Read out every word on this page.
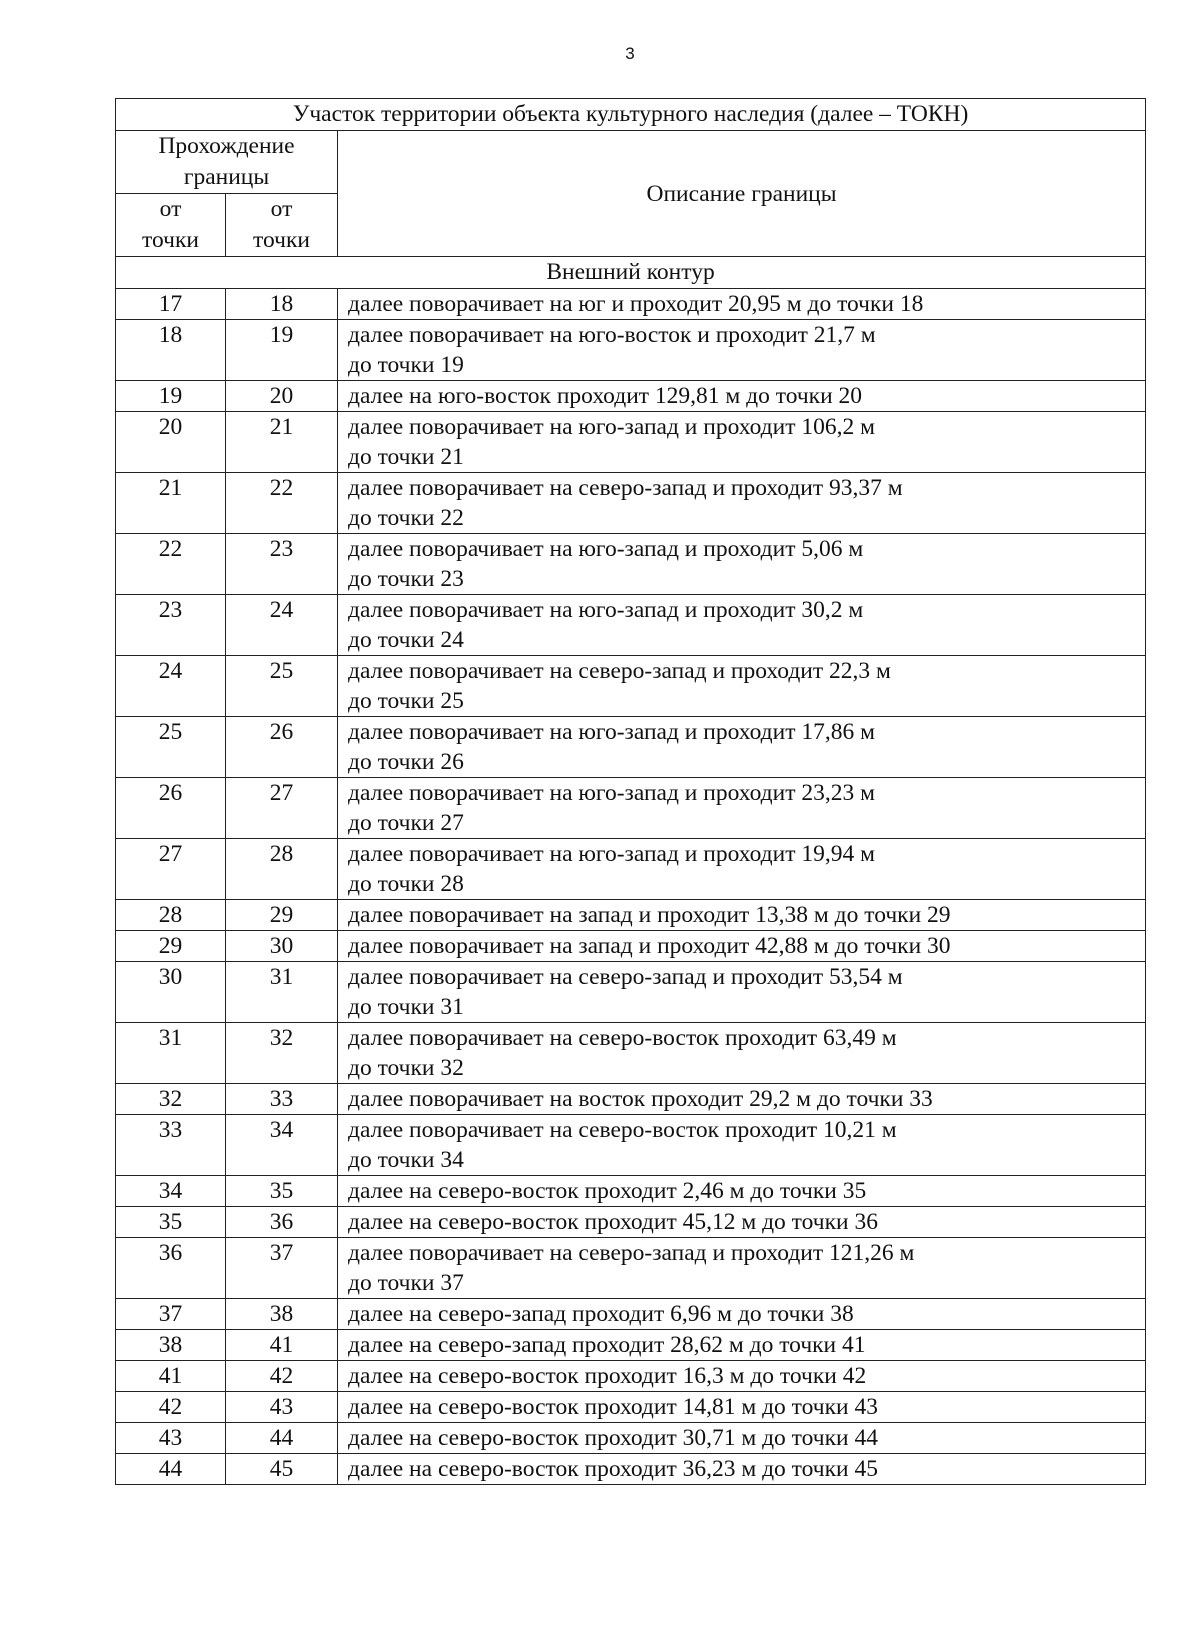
3
Участок территории объекта культурного наследия (далее – ТОКН)		

Прохождение
границы		Описание границы

от
точки	от
точки	

Внешний контур		
17	18	далее поворачивает на юг и проходит 20,95 м до точки 18

18	19	далее поворачивает на юго-восток и проходит 21,7 м
до точки 19

19	20	далее на юго-восток проходит 129,81 м до точки 20

20	21	далее поворачивает на юго-запад и проходит 106,2 м
до точки 21

21	22	далее поворачивает на северо-запад и проходит 93,37 м
до точки 22

22	23	далее поворачивает на юго-запад и проходит 5,06 м
до точки 23

23	24	далее поворачивает на юго-запад и проходит 30,2 м
до точки 24

24	25	далее поворачивает на северо-запад и проходит 22,3 м
до точки 25

25	26	далее поворачивает на юго-запад и проходит 17,86 м
до точки 26

26	27	далее поворачивает на юго-запад и проходит 23,23 м
до точки 27

27	28	далее поворачивает на юго-запад и проходит 19,94 м
до точки 28

28	29	далее поворачивает на запад и проходит 13,38 м до точки 29

29	30	далее поворачивает на запад и проходит 42,88 м до точки 30

30	31	далее поворачивает на северо-запад и проходит 53,54 м
до точки 31

31	32	далее поворачивает на северо-восток проходит 63,49 м
до точки 32

32	33	далее поворачивает на восток проходит 29,2 м до точки 33

33	34	далее поворачивает на северо-восток проходит 10,21 м
до точки 34

34	35	далее на северо-восток проходит 2,46 м до точки 35

35	36	далее на северо-восток проходит 45,12 м до точки 36

36	37	далее поворачивает на северо-запад и проходит 121,26 м
до точки 37

37	38	далее на северо-запад проходит 6,96 м до точки 38

38	41	далее на северо-запад проходит 28,62 м до точки 41

41	42	далее на северо-восток проходит 16,3 м до точки 42

42	43	далее на северо-восток проходит 14,81 м до точки 43

43	44	далее на северо-восток проходит 30,71 м до точки 44

44	45	далее на северо-восток проходит 36,23 м до точки 45
